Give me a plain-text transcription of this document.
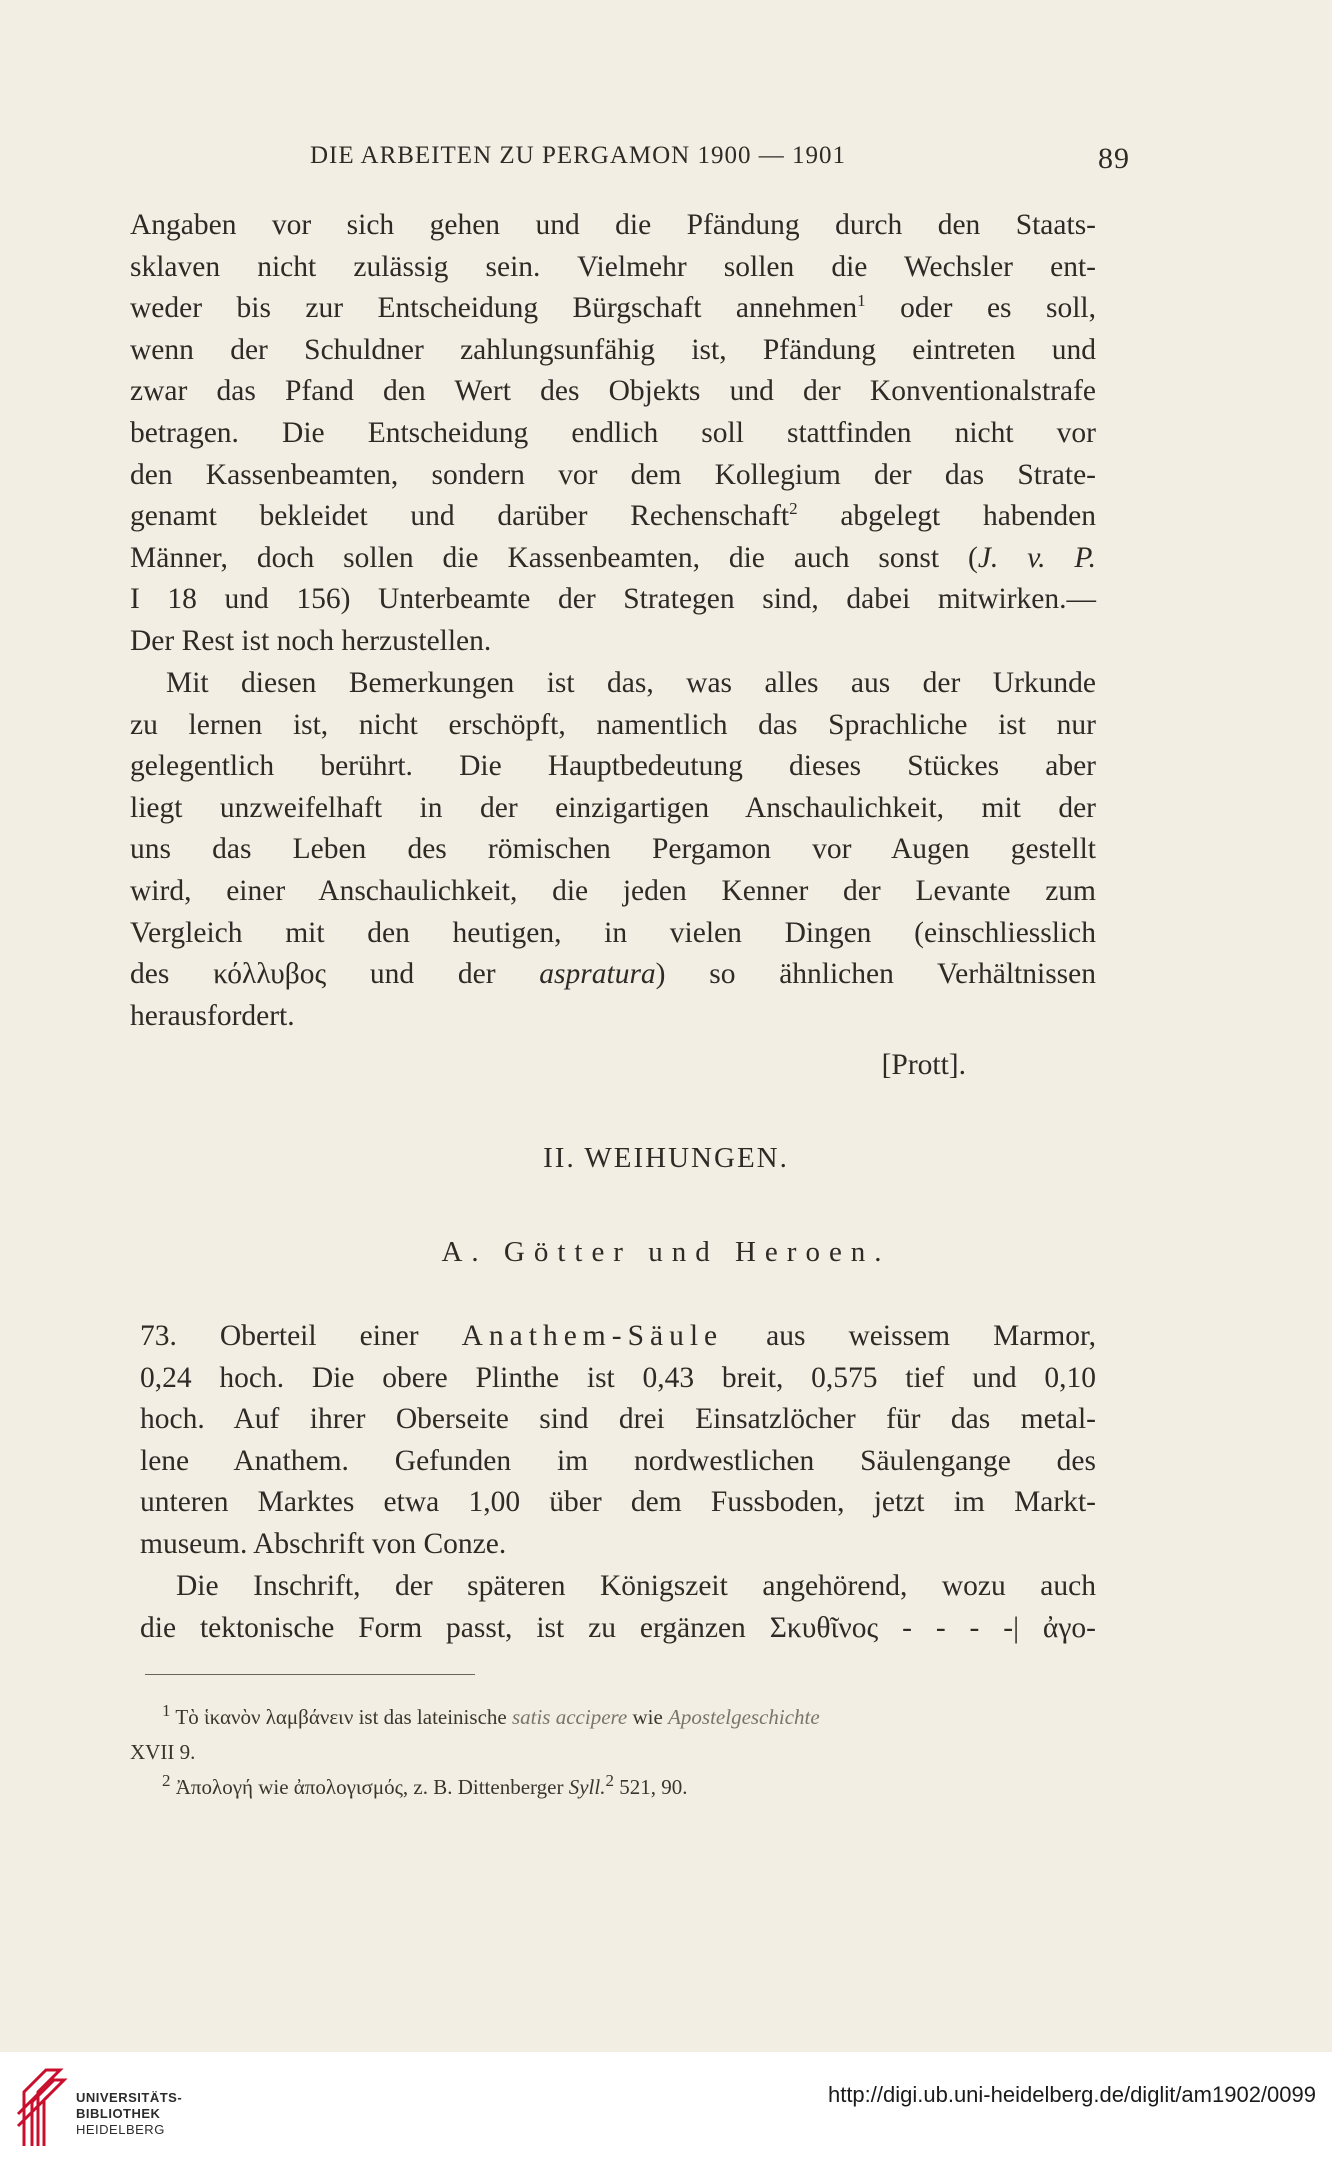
DIE ARBEITEN ZU PERGAMON 1900 — 1901	89

Angaben vor sich gehen und die Pfändung durch den Staats-

sklaven nicht zulässig sein. Vielmehr sollen die Wechsler ent-

weder bis zur Entscheidung Bürgschaft annehmen$^1$ oder es soll,

wenn der Schuldner zahlungsunfähig ist, Pfändung eintreten und

zwar das Pfand den Wert des Objekts und der Konventionalstrafe

betragen. Die Entscheidung endlich soll stattfinden nicht vor

den Kassenbeamten, sondern vor dem Kollegium der das Strate-

genamt bekleidet und darüber Rechenschaft$^2$ abgelegt habenden

Männer, doch sollen die Kassenbeamten, die auch sonst (J. v. P.

I 18 und 156) Unterbeamte der Strategen sind, dabei mitwirken.—

Der Rest ist noch herzustellen.

Mit diesen Bemerkungen ist das, was alles aus der Urkunde

zu lernen ist, nicht erschöpft, namentlich das Sprachliche ist nur

gelegentlich berührt. Die Hauptbedeutung dieses Stückes aber

liegt unzweifelhaft in der einzigartigen Anschaulichkeit, mit der

uns das Leben des römischen Pergamon vor Augen gestellt

wird, einer Anschaulichkeit, die jeden Kenner der Levante zum

Vergleich mit den heutigen, in vielen Dingen (einschliesslich

des κόλλυβος und der aspratura) so ähnlichen Verhältnissen

herausfordert.

[Prott].

II. WEIHUNGEN.
A. Götter und Heroen.

73. Oberteil einer Anathem-Säule aus weissem Marmor,

0,24 hoch. Die obere Plinthe ist 0,43 breit, 0,575 tief und 0,10

hoch. Auf ihrer Oberseite sind drei Einsatzlöcher für das metal-

lene Anathem. Gefunden im nordwestlichen Säulengange des

unteren Marktes etwa 1,00 über dem Fussboden, jetzt im Markt-

museum. Abschrift von Conze.

Die Inschrift, der späteren Königszeit angehörend, wozu auch

die tektonische Form passt, ist zu ergänzen Σκυθῖνος - - - -| ἀγο-

$^1$ Τὸ ἱκανὸν λαμβάνειν ist das lateinische satis accipere wie Apostelgeschichte

XVII 9.

$^2$ Ἀπολογή wie ἀπολογισμός, z. B. Dittenberger Syll.$^2$ 521, 90.

UNIVERSITÄTS-
BIBLIOTHEK
HEIDELBERG
http://digi.ub.uni-heidelberg.de/diglit/am1902/0099
